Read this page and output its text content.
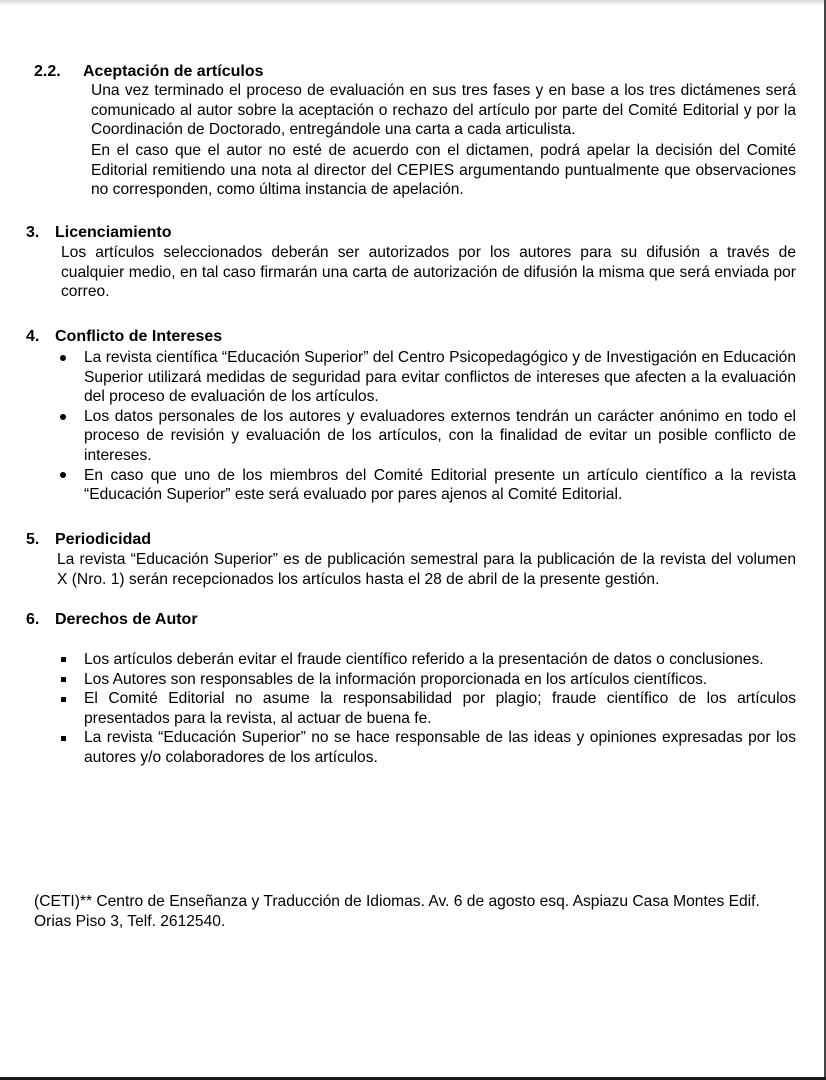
2.2. Aceptación de artículos

Una vez terminado el proceso de evaluación en sus tres fases y en base a los tres dictámenes será comunicado al autor sobre la aceptación o rechazo del artículo por parte del Comité Editorial y por la Coordinación de Doctorado, entregándole una carta a cada articulista.

En el caso que el autor no esté de acuerdo con el dictamen, podrá apelar la decisión del Comité Editorial remitiendo una nota al director del CEPIES argumentando puntualmente que observaciones no corresponden, como última instancia de apelación.

3. Licenciamiento

Los artículos seleccionados deberán ser autorizados por los autores para su difusión a través de cualquier medio, en tal caso firmarán una carta de autorización de difusión la misma que será enviada por correo.

4. Conflicto de Intereses
La revista científica “Educación Superior” del Centro Psicopedagógico y de Investigación en Educación Superior utilizará medidas de seguridad para evitar conflictos de intereses que afecten a la evaluación del proceso de evaluación de los artículos.
Los datos personales de los autores y evaluadores externos tendrán un carácter anónimo en todo el proceso de revisión y evaluación de los artículos, con la finalidad de evitar un posible conflicto de intereses.
En caso que uno de los miembros del Comité Editorial presente un artículo científico a la revista “Educación Superior” este será evaluado por pares ajenos al Comité Editorial.
5. Periodicidad

La revista “Educación Superior” es de publicación semestral para la publicación de la revista del volumen X (Nro. 1) serán recepcionados los artículos hasta el 28 de abril de la presente gestión.

6. Derechos de Autor
Los artículos deberán evitar el fraude científico referido a la presentación de datos o conclusiones.
Los Autores son responsables de la información proporcionada en los artículos científicos.
El Comité Editorial no asume la responsabilidad por plagio; fraude científico de los artículos presentados para la revista, al actuar de buena fe.
La revista “Educación Superior” no se hace responsable de las ideas y opiniones expresadas por los autores y/o colaboradores de los artículos.
(CETI)** Centro de Enseñanza y Traducción de Idiomas. Av. 6 de agosto esq. Aspiazu Casa Montes Edif. Orias Piso 3, Telf. 2612540.
